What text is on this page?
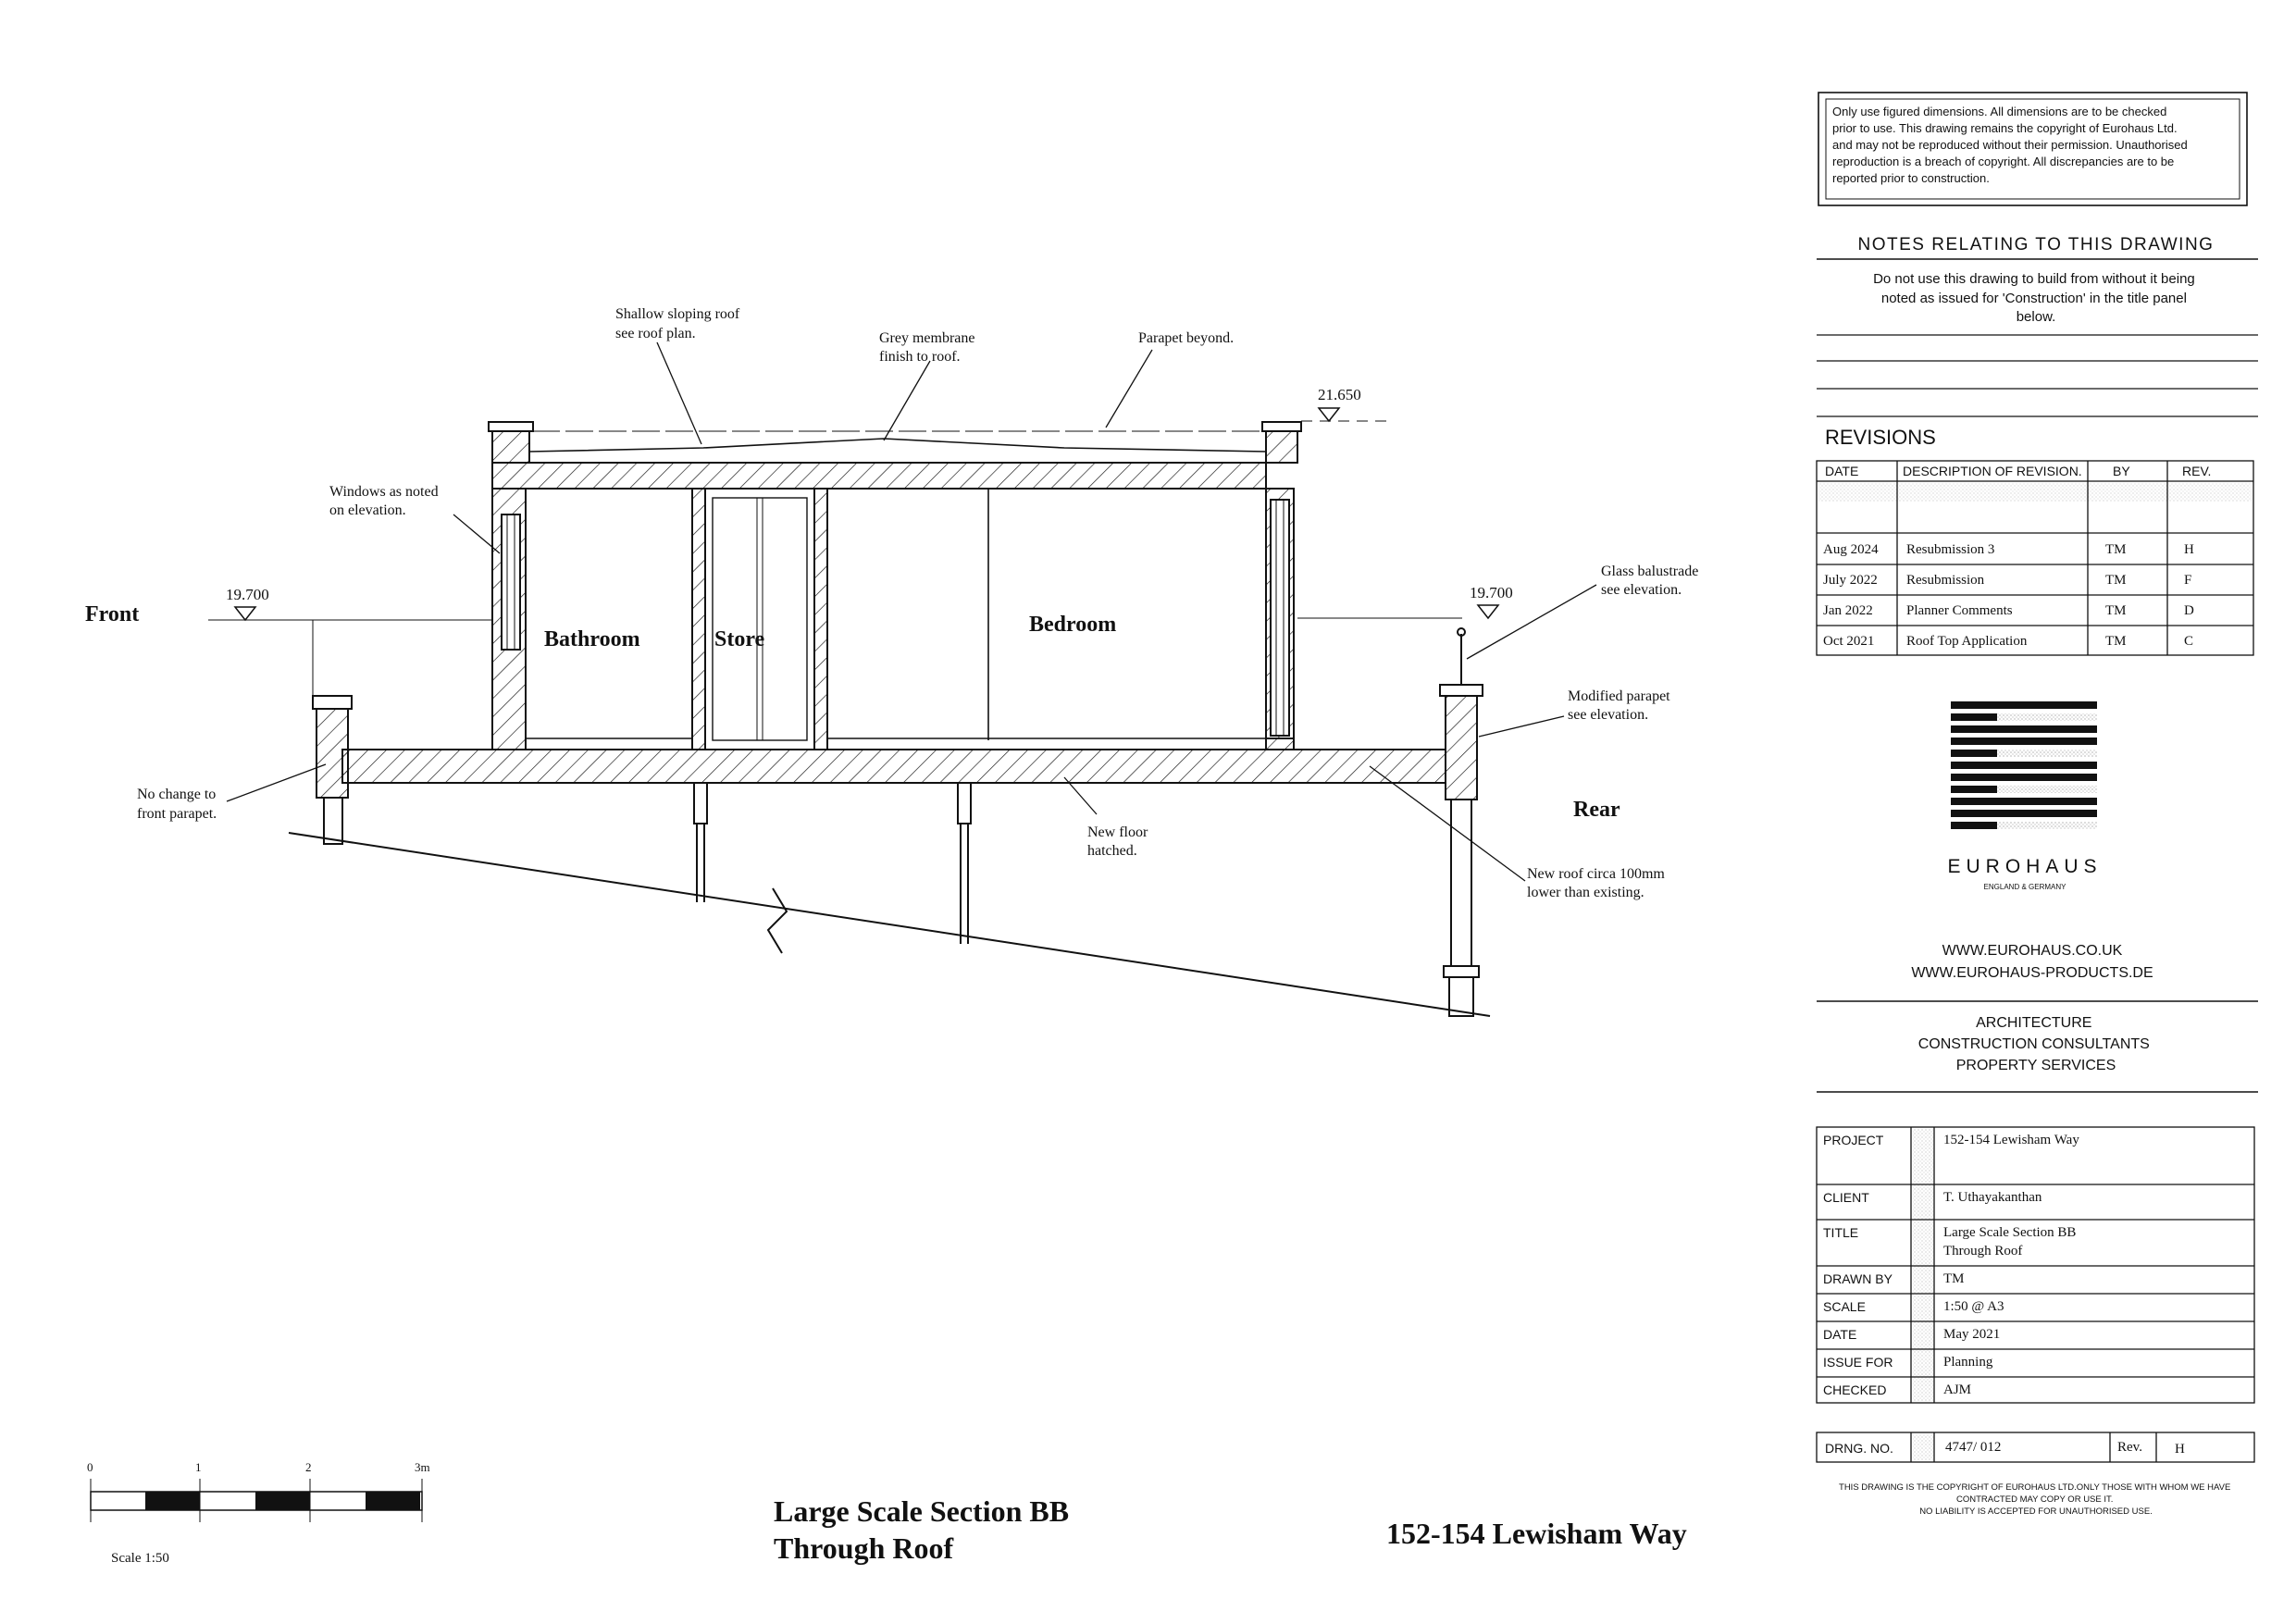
Front
Rear
Bathroom	Store
Bedroom
21.650
19.700	19.700
Shallow sloping roof see roof plan.	Grey membrane finish to roof.
Parapet beyond.
Windows as noted on elevation.
Glass balustrade see elevation.
Modified parapet see elevation.
No change to front parapet.
New floor hatched.
New roof circa 100mm lower than existing.
0	1	2	3m
Scale 1:50
Large Scale Section BB
Through Roof	152-154 Lewisham Way
Only use figured dimensions. All dimensions are to be checked prior to use. This drawing remains the copyright of Eurohaus Ltd. and may not be reproduced without their permission. Unauthorised reproduction is a breach of copyright. All discrepancies are to be reported prior to construction.
NOTES RELATING TO THIS DRAWING
Do not use this drawing to build from without it being noted as issued for 'Construction' in the title panel below.
REVISIONS
DATE	DESCRIPTION OF REVISION. BY	REV.
Aug 2024 Resubmission 3	TM	H
July 2022 Resubmission	TM	F
Jan 2022 Planner Comments	TM	D
Oct 2021 Roof Top Application	TM	C
EUROHAUS
ENGLAND & GERMANY
WWW.EUROHAUS.CO.UK
WWW.EUROHAUS-PRODUCTS.DE
ARCHITECTURE CONSTRUCTION CONSULTANTS PROPERTY SERVICES
PROJECT	152-154 Lewisham Way
CLIENT	T. Uthayakanthan
TITLE	Large Scale Section BB
Through Roof
DRAWN BY	TM
SCALE	1:50 @ A3
DATE	May 2021
ISSUE FOR	Planning
CHECKED	AJM
DRNG. NO.	4747/ 012	Rev. H
THIS DRAWING IS THE COPYRIGHT OF EUROHAUS LTD.ONLY THOSE WITH WHOM WE HAVE CONTRACTED MAY COPY OR USE IT. NO LIABILITY IS ACCEPTED FOR UNAUTHORISED USE.
